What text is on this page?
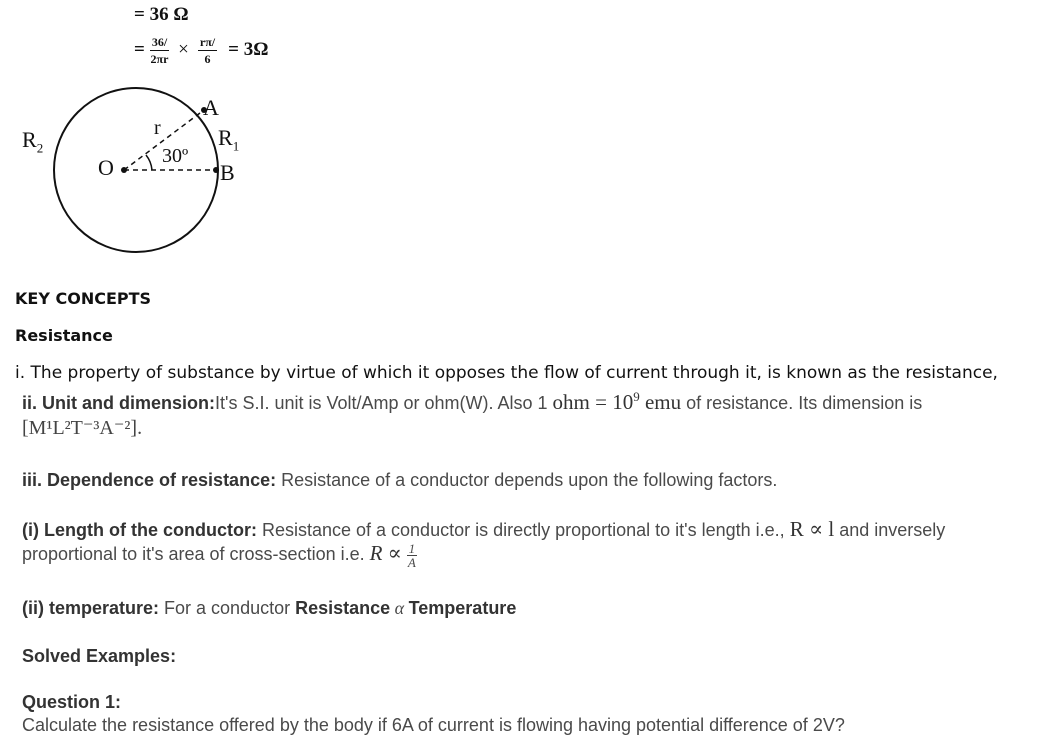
= 36 Ω
= $\frac{36/}{2\pi r} \times \frac{r\pi/}{6} = 3\Omega$
$R_2$	$R_1$
A
B
O
r
30º
KEY CONCEPTS
Resistance
i. The property of substance by virtue of which it opposes the flow of current through it, is known as the resistance,
ii. Unit and dimension:It's S.I. unit is Volt/Amp or ohm(W). Also 1 ohm = $10^9$ emu of resistance. Its dimension is
[M¹L²T⁻³A⁻²].
iii. Dependence of resistance: Resistance of a conductor depends upon the following factors.
(i) Length of the conductor: Resistance of a conductor is directly proportional to it's length i.e., R ∝ l and inversely
proportional to it's area of cross-section i.e. $R \propto \frac{1}{A}$
(ii) temperature: For a conductor Resistance α Temperature
Solved Examples:
Question 1:
Calculate the resistance offered by the body if 6A of current is flowing having potential difference of 2V?
